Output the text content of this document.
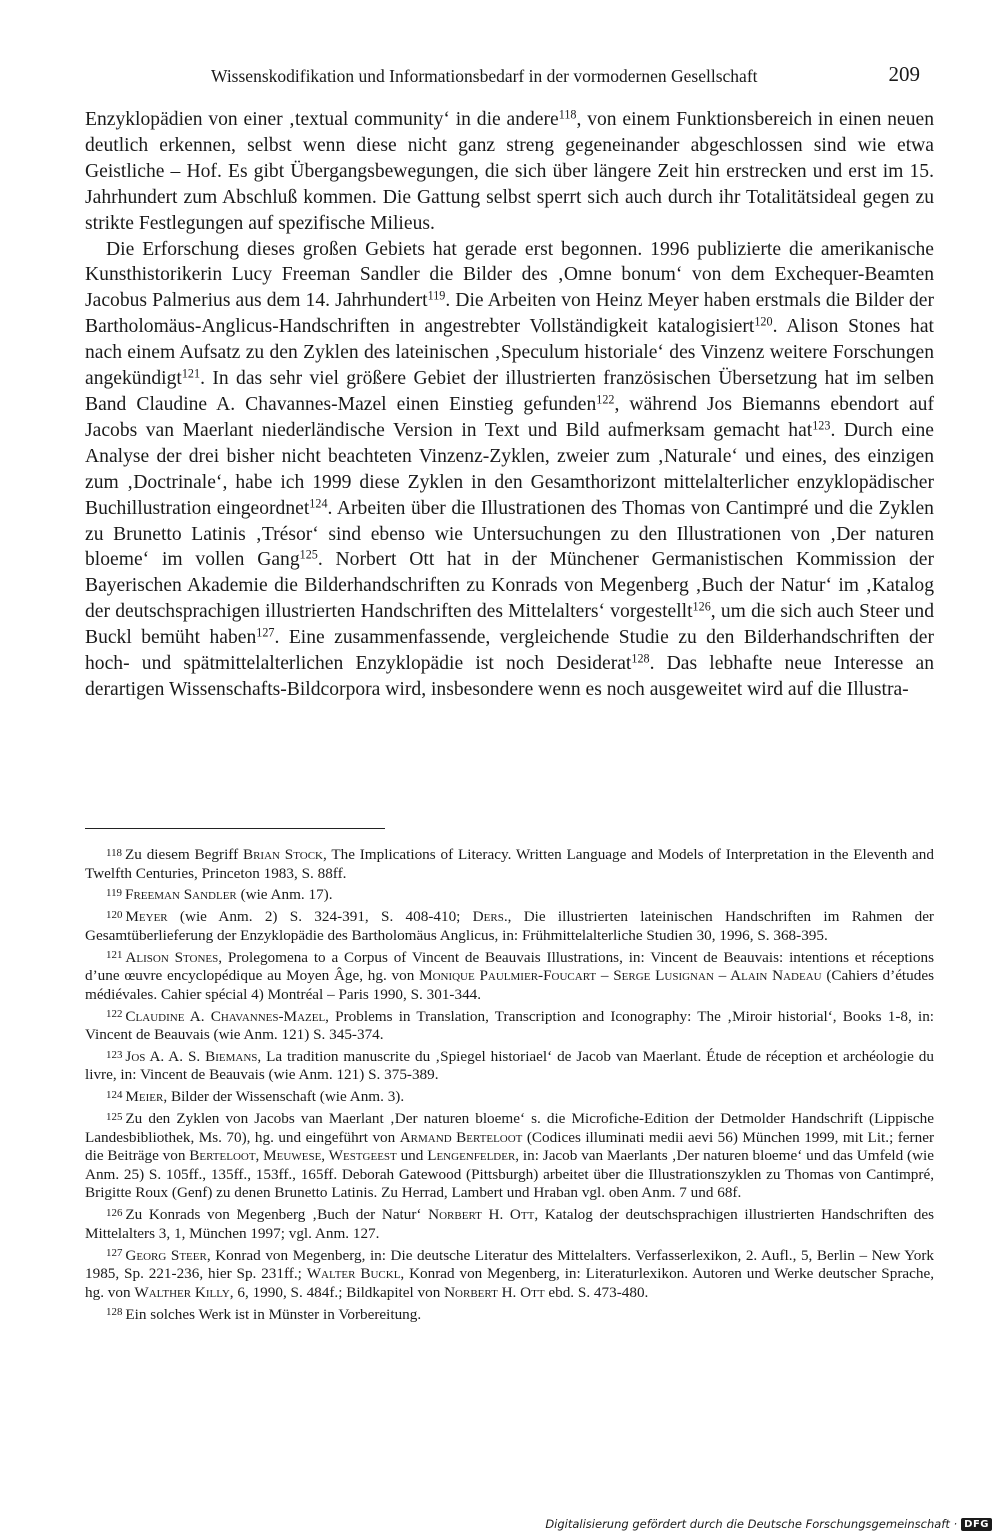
Wissenskodifikation und Informationsbedarf in der vormodernen Gesellschaft	209

Enzyklopädien von einer ‚textual community‘ in die andere$^{118}$, von einem Funktionsbereich in einen neuen deutlich erkennen, selbst wenn diese nicht ganz streng gegeneinander abgeschlossen sind wie etwa Geistliche – Hof. Es gibt Übergangsbewegungen, die sich über längere Zeit hin erstrecken und erst im 15. Jahrhundert zum Abschluß kommen. Die Gattung selbst sperrt sich auch durch ihr Totalitätsideal gegen zu strikte Festlegungen auf spezifische Milieus.

Die Erforschung dieses großen Gebiets hat gerade erst begonnen. 1996 publizierte die amerikanische Kunsthistorikerin Lucy Freeman Sandler die Bilder des ‚Omne bonum‘ von dem Exchequer-Beamten Jacobus Palmerius aus dem 14. Jahrhundert$^{119}$. Die Arbeiten von Heinz Meyer haben erstmals die Bilder der Bartholomäus-Anglicus-Handschriften in angestrebter Vollständigkeit katalogisiert$^{120}$. Alison Stones hat nach einem Aufsatz zu den Zyklen des lateinischen ‚Speculum historiale‘ des Vinzenz weitere Forschungen angekündigt$^{121}$. In das sehr viel größere Gebiet der illustrierten französischen Übersetzung hat im selben Band Claudine A. Chavannes-Mazel einen Einstieg gefunden$^{122}$, während Jos Biemanns ebendort auf Jacobs van Maerlant niederländische Version in Text und Bild aufmerksam gemacht hat$^{123}$. Durch eine Analyse der drei bisher nicht beachteten Vinzenz-Zyklen, zweier zum ‚Naturale‘ und eines, des einzigen zum ‚Doctrinale‘, habe ich 1999 diese Zyklen in den Gesamthorizont mittelalterlicher enzyklopädischer Buchillustration eingeordnet$^{124}$. Arbeiten über die Illustrationen des Thomas von Cantimpré und die Zyklen zu Brunetto Latinis ‚Trésor‘ sind ebenso wie Untersuchungen zu den Illustrationen von ‚Der naturen bloeme‘ im vollen Gang$^{125}$. Norbert Ott hat in der Münchener Germanistischen Kommission der Bayerischen Akademie die Bilderhandschriften zu Konrads von Megenberg ‚Buch der Natur‘ im ‚Katalog der deutschsprachigen illustrierten Handschriften des Mittelalters‘ vorgestellt$^{126}$, um die sich auch Steer und Buckl bemüht haben$^{127}$. Eine zusammenfassende, vergleichende Studie zu den Bilderhandschriften der hoch- und spätmittelalterlichen Enzyklopädie ist noch Desiderat$^{128}$. Das lebhafte neue Interesse an derartigen Wissenschafts-Bildcorpora wird, insbesondere wenn es noch ausgeweitet wird auf die Illustra-

$^{118}$ Zu diesem Begriff Brian Stock, The Implications of Literacy. Written Language and Models of Interpretation in the Eleventh and Twelfth Centuries, Princeton 1983, S. 88ff.

$^{119}$ Freeman Sandler (wie Anm. 17).

$^{120}$ Meyer (wie Anm. 2) S. 324-391, S. 408-410; Ders., Die illustrierten lateinischen Handschriften im Rahmen der Gesamtüberlieferung der Enzyklopädie des Bartholomäus Anglicus, in: Frühmittelalterliche Studien 30, 1996, S. 368-395.

$^{121}$ Alison Stones, Prolegomena to a Corpus of Vincent de Beauvais Illustrations, in: Vincent de Beauvais: intentions et réceptions d’une œuvre encyclopédique au Moyen Âge, hg. von Monique Paulmier-Foucart – Serge Lusignan – Alain Nadeau (Cahiers d’études médiévales. Cahier spécial 4) Montréal – Paris 1990, S. 301-344.

$^{122}$ Claudine A. Chavannes-Mazel, Problems in Translation, Transcription and Iconography: The ‚Miroir historial‘, Books 1-8, in: Vincent de Beauvais (wie Anm. 121) S. 345-374.

$^{123}$ Jos A. A. S. Biemans, La tradition manuscrite du ‚Spiegel historiael‘ de Jacob van Maerlant. Étude de réception et archéologie du livre, in: Vincent de Beauvais (wie Anm. 121) S. 375-389.

$^{124}$ Meier, Bilder der Wissenschaft (wie Anm. 3).

$^{125}$ Zu den Zyklen von Jacobs van Maerlant ‚Der naturen bloeme‘ s. die Microfiche-Edition der Detmolder Handschrift (Lippische Landesbibliothek, Ms. 70), hg. und eingeführt von Armand Berteloot (Codices illuminati medii aevi 56) München 1999, mit Lit.; ferner die Beiträge von Berteloot, Meuwese, Westgeest und Lengenfelder, in: Jacob van Maerlants ‚Der naturen bloeme‘ und das Umfeld (wie Anm. 25) S. 105ff., 135ff., 153ff., 165ff. Deborah Gatewood (Pittsburgh) arbeitet über die Illustrationszyklen zu Thomas von Cantimpré, Brigitte Roux (Genf) zu denen Brunetto Latinis. Zu Herrad, Lambert und Hraban vgl. oben Anm. 7 und 68f.

$^{126}$ Zu Konrads von Megenberg ‚Buch der Natur‘ Norbert H. Ott, Katalog der deutschsprachigen illustrierten Handschriften des Mittelalters 3, 1, München 1997; vgl. Anm. 127.

$^{127}$ Georg Steer, Konrad von Megenberg, in: Die deutsche Literatur des Mittelalters. Verfasserlexikon, 2. Aufl., 5, Berlin – New York 1985, Sp. 221-236, hier Sp. 231ff.; Walter Buckl, Konrad von Megenberg, in: Literaturlexikon. Autoren und Werke deutscher Sprache, hg. von Walther Killy, 6, 1990, S. 484f.; Bildkapitel von Norbert H. Ott ebd. S. 473-480.

$^{128}$ Ein solches Werk ist in Münster in Vorbereitung.

Digitalisierung gefördert durch die Deutsche Forschungsgemeinschaft · DFG
